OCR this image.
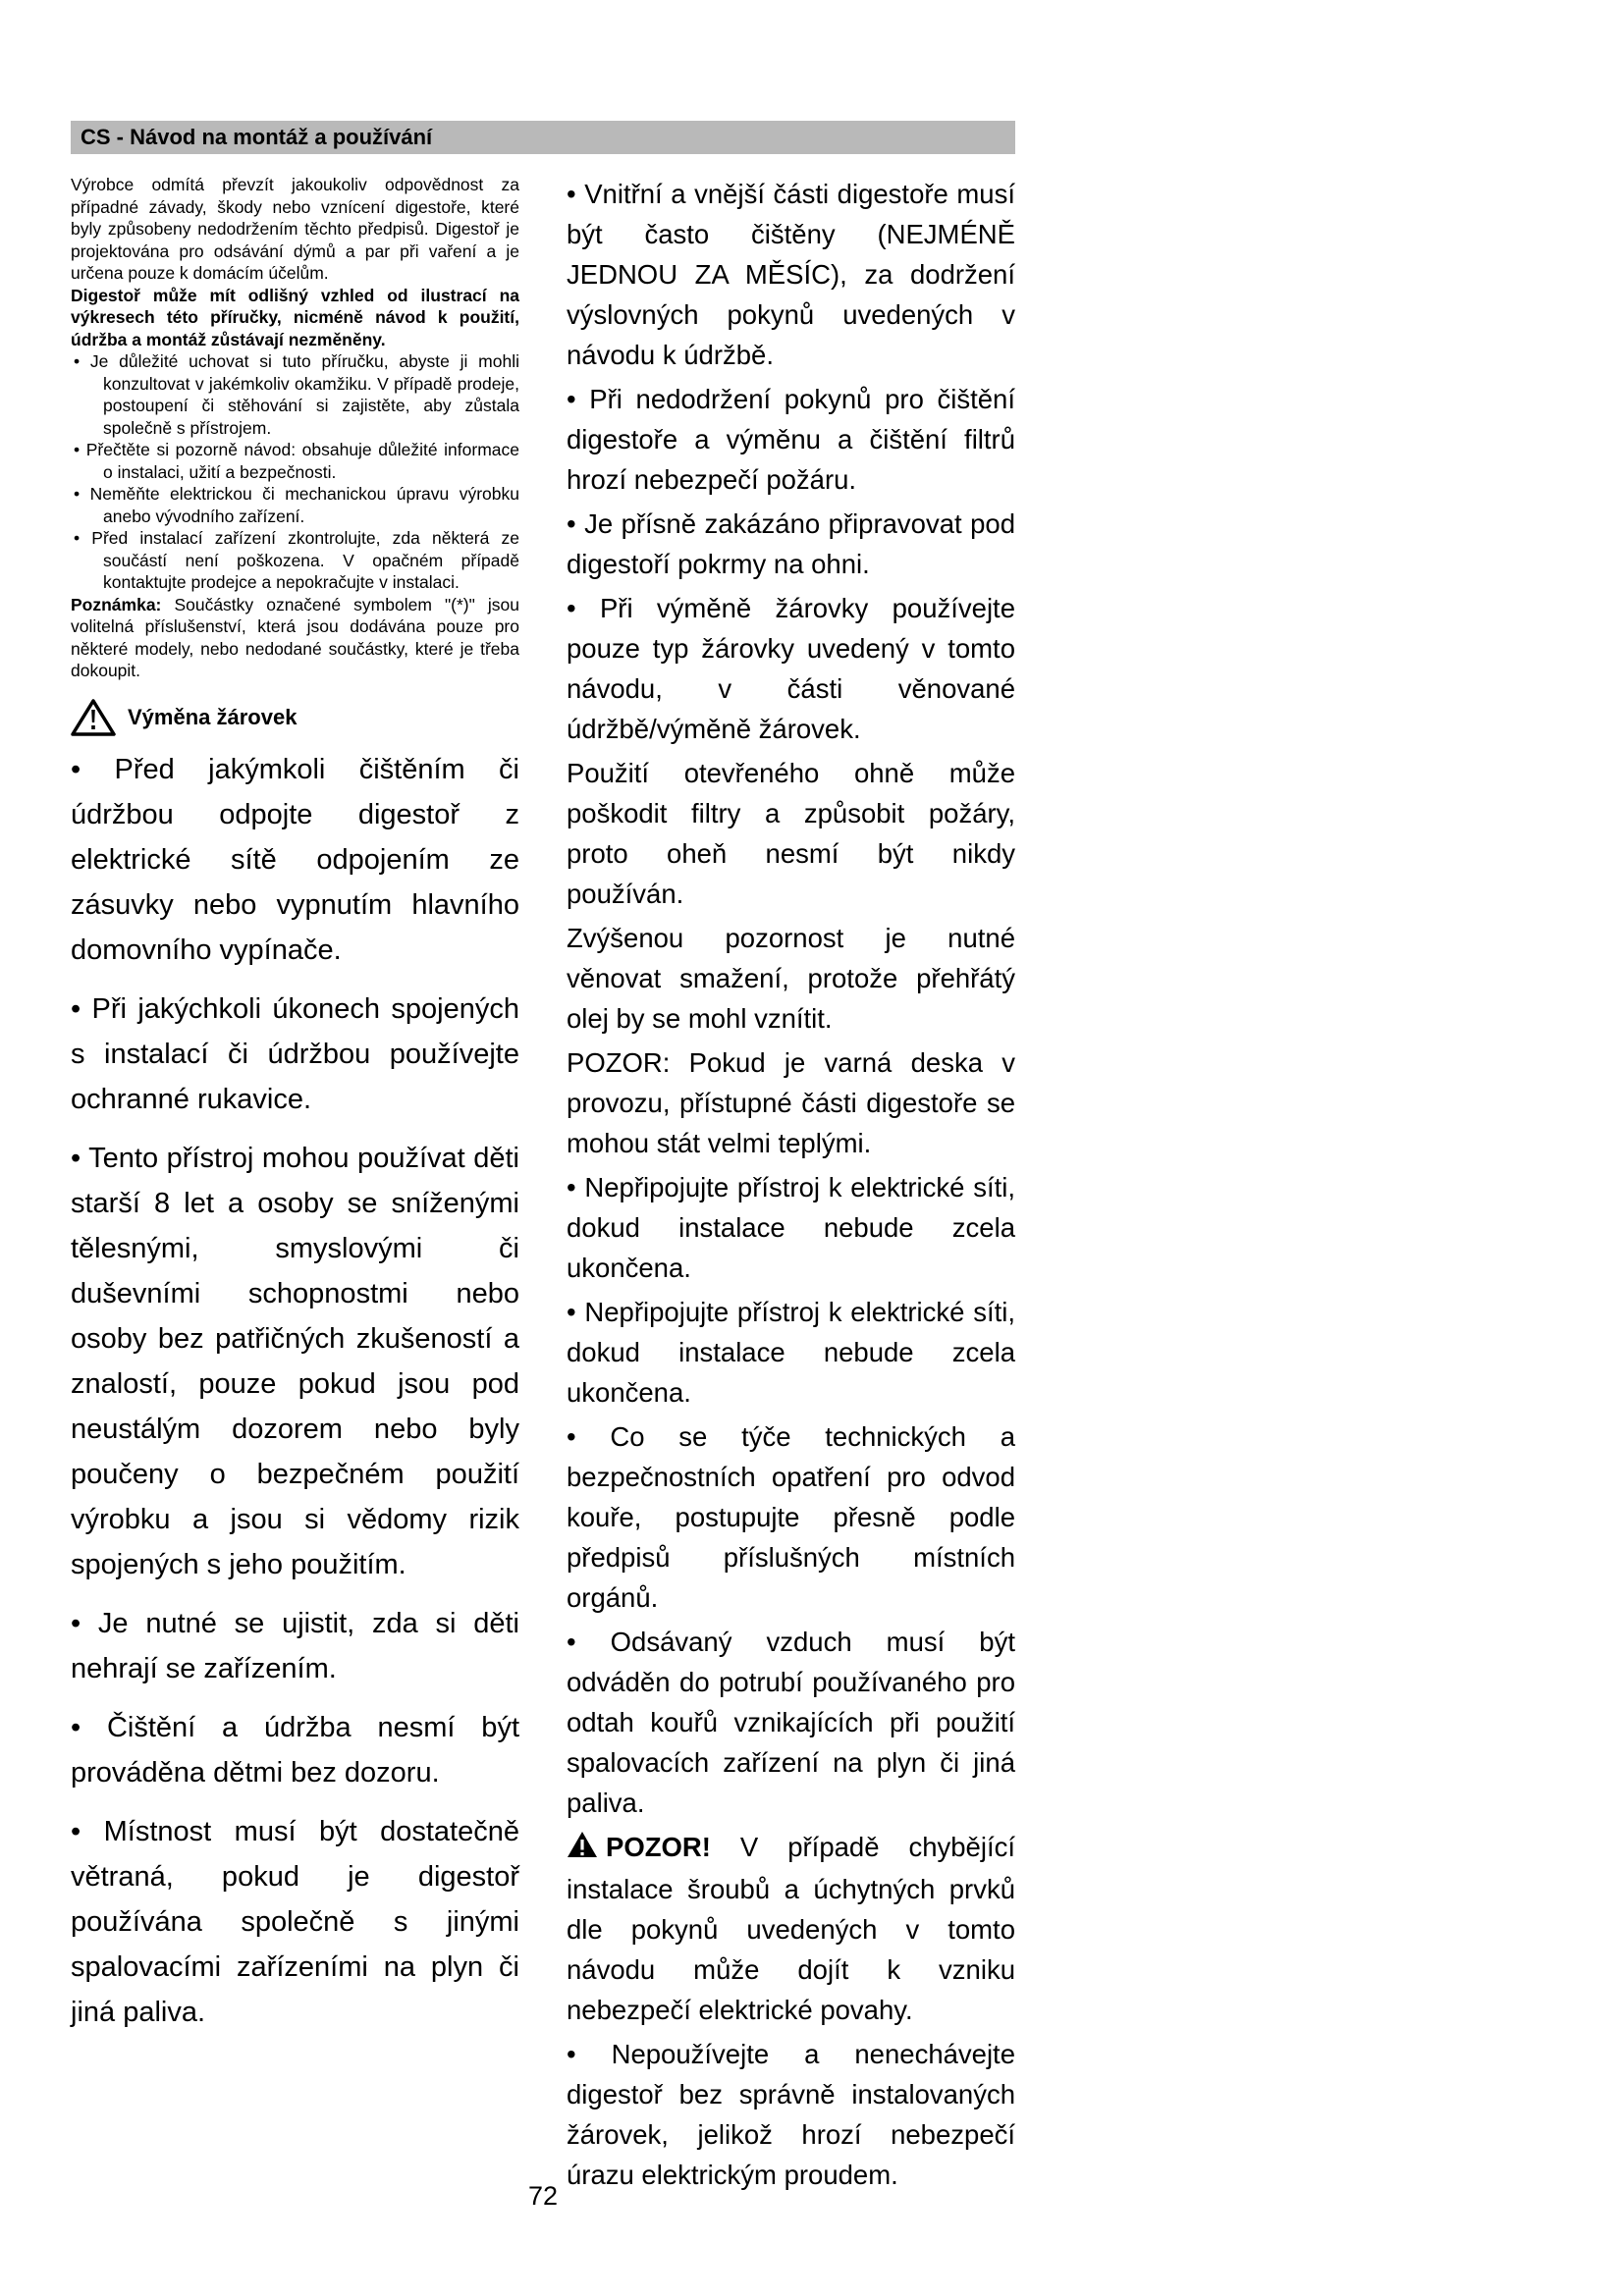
CS - Návod na montáž a používání

Výrobce odmítá převzít jakoukoliv odpovědnost za případné závady, škody nebo vznícení digestoře, které byly způsobeny nedodržením těchto předpisů. Digestoř je projektována pro odsávání dýmů a par při vaření a je určena pouze k domácím účelům.

Digestoř může mít odlišný vzhled od ilustrací na výkresech této příručky, nicméně návod k použití, údržba a montáž zůstávají nezměněny.

• Je důležité uchovat si tuto příručku, abyste ji mohli konzultovat v jakémkoliv okamžiku. V případě prodeje, postoupení či stěhování si zajistěte, aby zůstala společně s přístrojem.

• Přečtěte si pozorně návod: obsahuje důležité informace o instalaci, užití a bezpečnosti.

• Neměňte elektrickou či mechanickou úpravu výrobku anebo vývodního zařízení.

• Před instalací zařízení zkontrolujte, zda některá ze součástí není poškozena. V opačném případě kontaktujte prodejce a nepokračujte v instalaci.

Poznámka: Součástky označené symbolem "(*)" jsou volitelná příslušenství, která jsou dodávána pouze pro některé modely, nebo nedodané součástky, které je třeba dokoupit.

Výměna žárovek

• Před jakýmkoli čištěním či údržbou odpojte digestoř z elektrické sítě odpojením ze zásuvky nebo vypnutím hlavního domovního vypínače.

• Při jakýchkoli úkonech spojených s instalací či údržbou používejte ochranné rukavice.

• Tento přístroj mohou používat děti starší 8 let a osoby se sníženými tělesnými, smyslovými či duševními schopnostmi nebo osoby bez patřičných zkušeností a znalostí, pouze pokud jsou pod neustálým dozorem nebo byly poučeny o bezpečném použití výrobku a jsou si vědomy rizik spojených s jeho použitím.

• Je nutné se ujistit, zda si děti nehrají se zařízením.

• Čištění a údržba nesmí být prováděna dětmi bez dozoru.

• Místnost musí být dostatečně větraná, pokud je digestoř používána společně s jinými spalovacími zařízeními na plyn či jiná paliva.

• Vnitřní a vnější části digestoře musí být často čištěny (NEJMÉNĚ JEDNOU ZA MĚSÍC), za dodržení výslovných pokynů uvedených v návodu k údržbě.

• Při nedodržení pokynů pro čištění digestoře a výměnu a čištění filtrů hrozí nebezpečí požáru.

• Je přísně zakázáno připravovat pod digestoří pokrmy na ohni.

• Při výměně žárovky používejte pouze typ žárovky uvedený v tomto návodu, v části věnované údržbě/výměně žárovek.

Použití otevřeného ohně může poškodit filtry a způsobit požáry, proto oheň nesmí být nikdy používán.

Zvýšenou pozornost je nutné věnovat smažení, protože přehřátý olej by se mohl vznítit.

POZOR: Pokud je varná deska v provozu, přístupné části digestoře se mohou stát velmi teplými.

• Nepřipojujte přístroj k elektrické síti, dokud instalace nebude zcela ukončena.

• Nepřipojujte přístroj k elektrické síti, dokud instalace nebude zcela ukončena.

• Co se týče technických a bezpečnostních opatření pro odvod kouře, postupujte přesně podle předpisů příslušných místních orgánů.

• Odsávaný vzduch musí být odváděn do potrubí používaného pro odtah kouřů vznikajících při použití spalovacích zařízení na plyn či jiná paliva.

POZOR! V případě chybějící instalace šroubů a úchytných prvků dle pokynů uvedených v tomto návodu může dojít k vzniku nebezpečí elektrické povahy.

• Nepoužívejte a nenechávejte digestoř bez správně instalovaných žárovek, jelikož hrozí nebezpečí úrazu elektrickým proudem.

72
